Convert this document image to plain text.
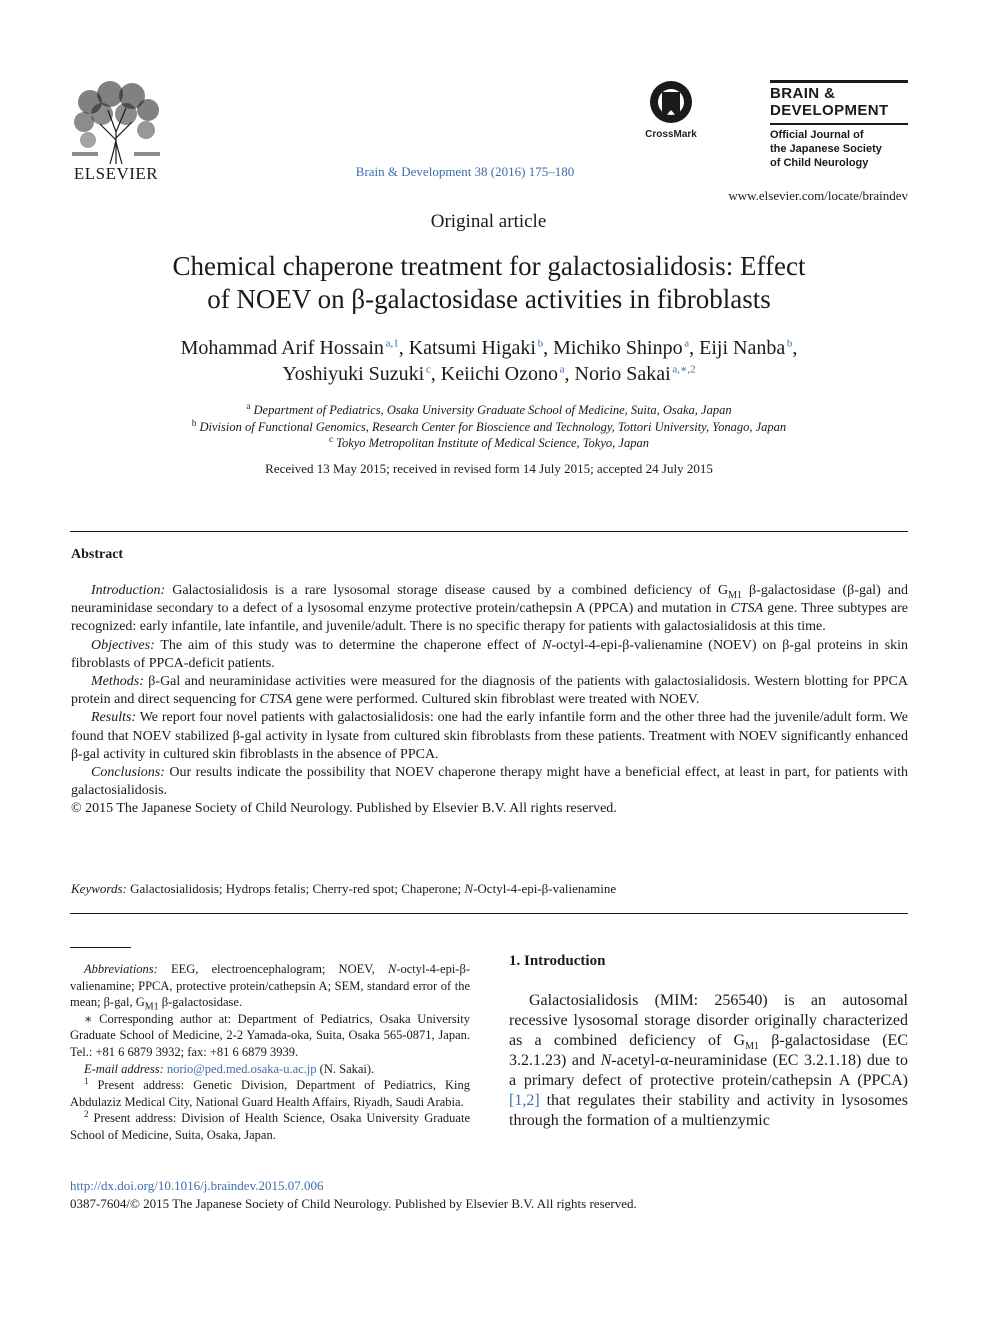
ELSEVIER	Brain & Development 38 (2016) 175–180
CrossMark
BRAIN &
DEVELOPMENT
Official Journal of
the Japanese Society
of Child Neurology
www.elsevier.com/locate/braindev
Original article
Chemical chaperone treatment for galactosialidosis: Effect
of NOEV on β-galactosidase activities in fibroblasts
Mohammad Arif Hossain  $^{a,1}$, Katsumi Higaki  $^b$, Michiko Shinpo  $^a$, Eiji Nanba  $^b$,
Yoshiyuki Suzuki  $^c$, Keiichi Ozono  $^a$, Norio Sakai  $^{a,∗,2}$
$^a$ Department of Pediatrics, Osaka University Graduate School of Medicine, Suita, Osaka, Japan
$^b$ Division of Functional Genomics, Research Center for Bioscience and Technology, Tottori University, Yonago, Japan
$^c$ Tokyo Metropolitan Institute of Medical Science, Tokyo, Japan
Received 13 May 2015; received in revised form 14 July 2015; accepted 24 July 2015
Abstract

Introduction: Galactosialidosis is a rare lysosomal storage disease caused by a combined deficiency of $G_{M1}$ β-galactosidase (β-gal) and neuraminidase secondary to a defect of a lysosomal enzyme protective protein/cathepsin A (PPCA) and mutation in CTSA gene. Three subtypes are recognized: early infantile, late infantile, and juvenile/adult. There is no specific therapy for patients with galactosialidosis at this time.

Objectives: The aim of this study was to determine the chaperone effect of N-octyl-4-epi-β-valienamine (NOEV) on β-gal proteins in skin fibroblasts of PPCA-deficit patients.

Methods: β-Gal and neuraminidase activities were measured for the diagnosis of the patients with galactosialidosis. Western blotting for PPCA protein and direct sequencing for CTSA gene were performed. Cultured skin fibroblast were treated with NOEV.

Results: We report four novel patients with galactosialidosis: one had the early infantile form and the other three had the juvenile/adult form. We found that NOEV stabilized β-gal activity in lysate from cultured skin fibroblasts from these patients. Treatment with NOEV significantly enhanced β-gal activity in cultured skin fibroblasts in the absence of PPCA.

Conclusions: Our results indicate the possibility that NOEV chaperone therapy might have a beneficial effect, at least in part, for patients with galactosialidosis.

© 2015 The Japanese Society of Child Neurology. Published by Elsevier B.V. All rights reserved.

Keywords: Galactosialidosis; Hydrops fetalis; Cherry-red spot; Chaperone; N-Octyl-4-epi-β-valienamine

Abbreviations: EEG, electroencephalogram; NOEV, N-octyl-4-epi-β-valienamine; PPCA, protective protein/cathepsin A; SEM, standard error of the mean; β-gal, $G_{M1}$ β-galactosidase.

∗ Corresponding author at: Department of Pediatrics, Osaka University Graduate School of Medicine, 2-2 Yamada-oka, Suita, Osaka 565-0871, Japan. Tel.: +81 6 6879 3932; fax: +81 6 6879 3939.

E-mail address: norio@ped.med.osaka-u.ac.jp (N. Sakai).

$^1$ Present address: Genetic Division, Department of Pediatrics, King Abdulaziz Medical City, National Guard Health Affairs, Riyadh, Saudi Arabia.

$^2$ Present address: Division of Health Science, Osaka University Graduate School of Medicine, Suita, Osaka, Japan.

1. Introduction

Galactosialidosis (MIM: 256540) is an autosomal recessive lysosomal storage disorder originally characterized as a combined deficiency of $G_{M1}$ β-galactosidase (EC 3.2.1.23) and N-acetyl-α-neuraminidase (EC 3.2.1.18) due to a primary defect of protective protein/cathepsin A (PPCA) [1,2] that regulates their stability and activity in lysosomes through the formation of a multienzymic

http://dx.doi.org/10.1016/j.braindev.2015.07.006
0387-7604/© 2015 The Japanese Society of Child Neurology. Published by Elsevier B.V. All rights reserved.
